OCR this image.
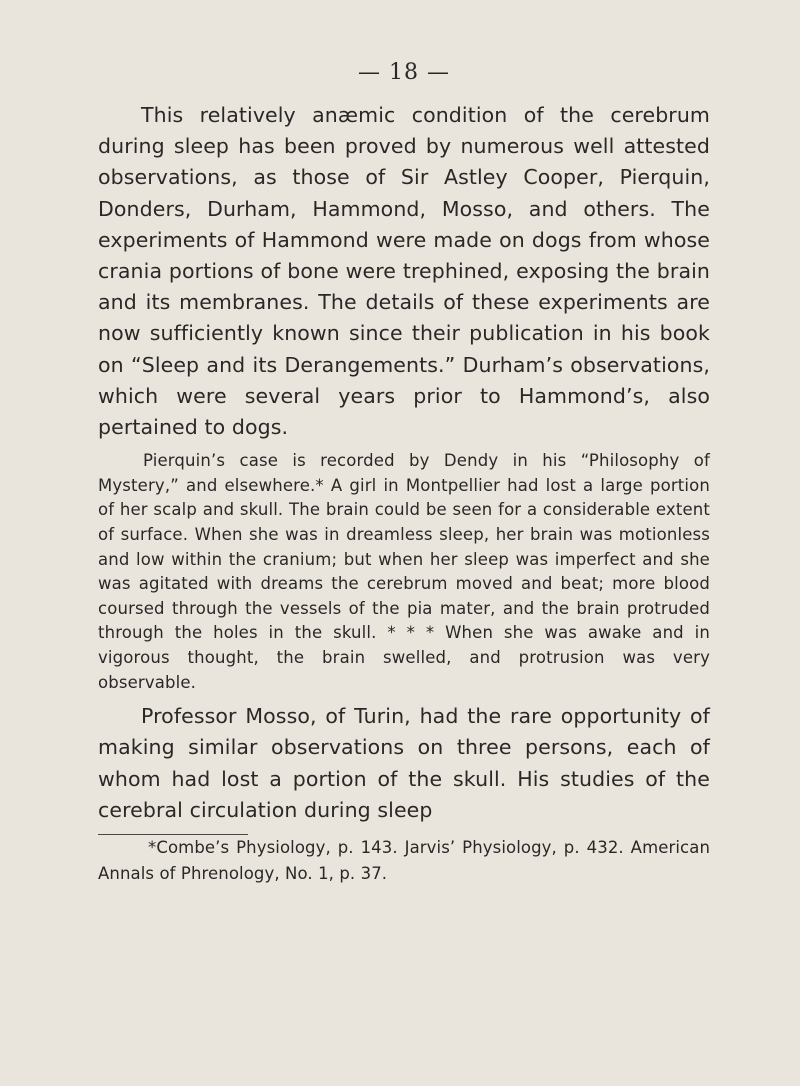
— 18 —

This relatively anæmic condition of the cerebrum during sleep has been proved by numerous well attested observations, as those of Sir Astley Cooper, Pierquin, Donders, Durham, Hammond, Mosso, and others. The experiments of Hammond were made on dogs from whose crania portions of bone were trephined, exposing the brain and its membranes. The details of these experiments are now sufficiently known since their publication in his book on “Sleep and its Derangements.” Durham’s observations, which were several years prior to Hammond’s, also pertained to dogs.

Pierquin’s case is recorded by Dendy in his “Philosophy of Mystery,” and elsewhere.* A girl in Montpellier had lost a large portion of her scalp and skull. The brain could be seen for a considerable extent of surface. When she was in dreamless sleep, her brain was motionless and low within the cranium; but when her sleep was imperfect and she was agitated with dreams the cerebrum moved and beat; more blood coursed through the vessels of the pia mater, and the brain protruded through the holes in the skull. * * * When she was awake and in vigorous thought, the brain swelled, and protrusion was very observable.

Professor Mosso, of Turin, had the rare opportunity of making similar observations on three persons, each of whom had lost a portion of the skull. His studies of the cerebral circulation during sleep

*Combe’s Physiology, p. 143. Jarvis’ Physiology, p. 432. American Annals of Phrenology, No. 1, p. 37.
